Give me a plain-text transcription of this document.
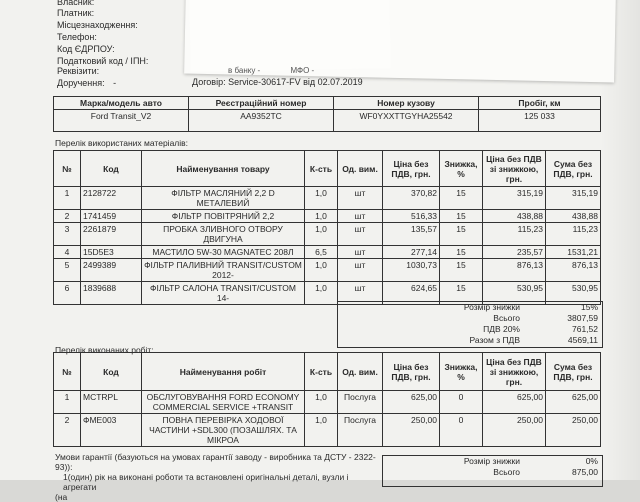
Власник:
Платник:
Місцезнаходження:
Телефон:
Код ЄДРПОУ:
Податковий код / ІПН:
Реквізити:
Доручення: -
в банку -	МФО -
Договір: Service-30617-FV від 02.07.2019
Марка/модель авто	Реєстраційний номер	Номер кузову	Пробіг, км
Ford Transit_V2	AA9352TC	WF0YXXTTGYHA25542	125 033
Перелік використаних матеріалів:
№	Код	Найменування товару	К-сть	Од. вим.	Ціна без ПДВ, грн.	Знижка, %	Ціна без ПДВ зі знижкою, грн.	Сума без ПДВ, грн.
1	2128722	ФІЛЬТР МАСЛЯНИЙ 2,2 D МЕТАЛЕВИЙ	1,0	шт	370,82	15	315,19	315,19
2	1741459	ФІЛЬТР ПОВІТРЯНИЙ 2,2	1,0	шт	516,33	15	438,88	438,88
3	2261879	ПРОБКА ЗЛИВНОГО ОТВОРУ ДВИГУНА	1,0	шт	135,57	15	115,23	115,23
4	15D5E3	МАСТИЛО 5W-30 MAGNATEC 208Л	6,5	шт	277,14	15	235,57	1531,21
5	2499389	ФІЛЬТР ПАЛИВНИЙ TRANSIT/CUSTOM 2012-	1,0	шт	1030,73	15	876,13	876,13
6	1839688	ФІЛЬТР САЛОНА TRANSIT/CUSTOM 14-	1,0	шт	624,65	15	530,95	530,95
Розмір знижки	15%
Всього	3807,59
ПДВ 20%	761,52
Разом з ПДВ	4569,11
Перелік виконаних робіт:
№	Код	Найменування робіт	К-сть	Од. вим.	Ціна без ПДВ, грн.	Знижка, %	Ціна без ПДВ зі знижкою, грн.	Сума без ПДВ, грн.
1	MCTRPL	ОБСЛУГОВУВАННЯ FORD ECONOMY COMMERCIAL SERVICE +TRANSIT	1,0	Послуга	625,00	0	625,00	625,00
2	ФМЕ003	ПОВНА ПЕРЕВІРКА ХОДОВОЇ ЧАСТИНИ +SDL300 (ПОЗАШЛЯХ. ТА МІКРОА	1,0	Послуга	250,00	0	250,00	250,00
Розмір знижки	0%
Всього	875,00
Умови гарантії (базуються на умовах гарантії заводу - виробника та ДСТУ - 2322-93)):
1(один) рік на виконані роботи та встановлені оригінальні деталі, вузли і агрегати
(на
